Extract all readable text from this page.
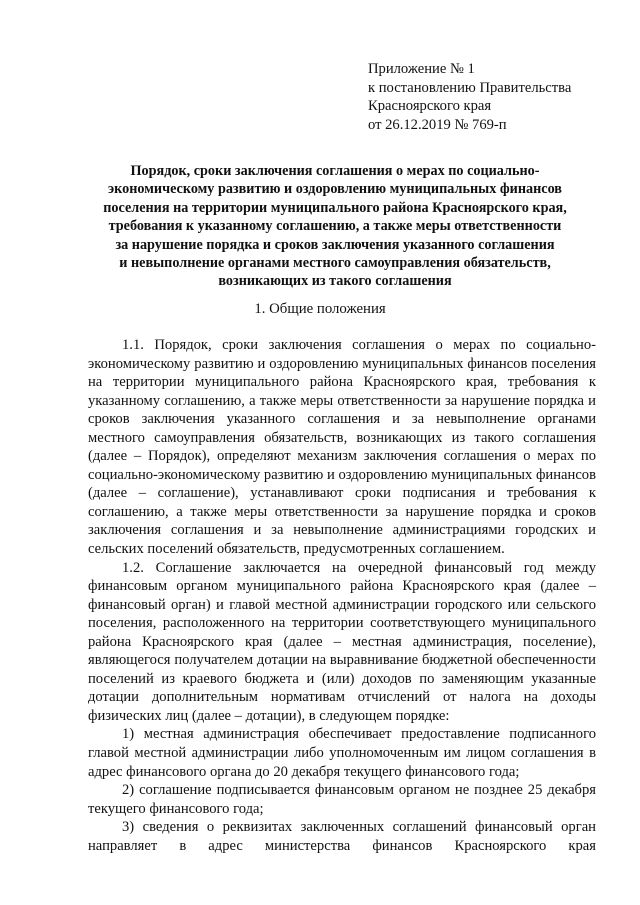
Приложение № 1
к постановлению Правительства
Красноярского края
от 26.12.2019 № 769-п
Порядок, сроки заключения соглашения о мерах по социально-
экономическому развитию и оздоровлению муниципальных финансов
поселения на территории муниципального района Красноярского края,
требования к указанному соглашению, а также меры ответственности
за нарушение порядка и сроков заключения указанного соглашения
и невыполнение органами местного самоуправления обязательств,
возникающих из такого соглашения
1. Общие положения

1.1. Порядок, сроки заключения соглашения о мерах по социально-экономическому развитию и оздоровлению муниципальных финансов поселения на территории муниципального района Красноярского края, требования к указанному соглашению, а также меры ответственности за нарушение порядка и сроков заключения указанного соглашения и за невыполнение органами местного самоуправления обязательств, возникающих из такого соглашения (далее – Порядок), определяют механизм заключения соглашения о мерах по социально-экономическому развитию и оздоровлению муниципальных финансов (далее – соглашение), устанавливают сроки подписания и требования к соглашению, а также меры ответственности за нарушение порядка и сроков заключения соглашения и за невыполнение администрациями городских и сельских поселений обязательств, предусмотренных соглашением.

1.2. Соглашение заключается на очередной финансовый год между финансовым органом муниципального района Красноярского края (далее – финансовый орган) и главой местной администрации городского или сельского поселения, расположенного на территории соответствующего муниципального района Красноярского края (далее – местная администрация, поселение), являющегося получателем дотации на выравнивание бюджетной обеспеченности поселений из краевого бюджета и (или) доходов по заменяющим указанные дотации дополнительным нормативам отчислений от налога на доходы физических лиц (далее – дотации), в следующем порядке:

1) местная администрация обеспечивает предоставление подписанного главой местной администрации либо уполномоченным им лицом соглашения в адрес финансового органа до 20 декабря текущего финансового года;

2) соглашение подписывается финансовым органом не позднее 25 декабря текущего финансового года;

3) сведения о реквизитах заключенных соглашений финансовый орган направляет в адрес министерства финансов Красноярского края
